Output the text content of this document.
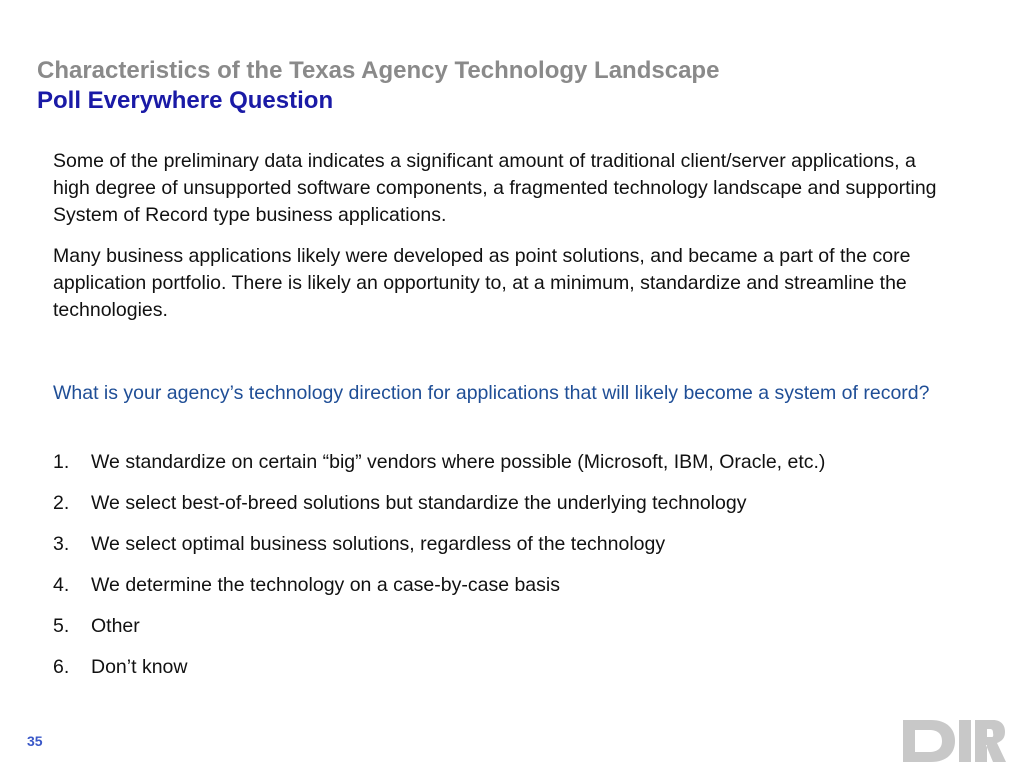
Characteristics of the Texas Agency Technology Landscape
Poll Everywhere Question
Some of the preliminary data indicates a significant amount of traditional client/server applications, a high degree of unsupported software components, a fragmented technology landscape and supporting System of Record type business applications.
Many business applications likely were developed as point solutions, and became a part of the core application portfolio. There is likely an opportunity to, at a minimum, standardize and streamline the technologies.
What is your agency’s technology direction for applications that will likely become a system of record?
1.	We standardize on certain “big” vendors where possible (Microsoft, IBM, Oracle, etc.)
2.	We select best-of-breed solutions but standardize the underlying technology
3.	We select optimal business solutions, regardless of the technology
4.	We determine the technology on a case-by-case basis
5.	Other
6.	Don’t know
35
